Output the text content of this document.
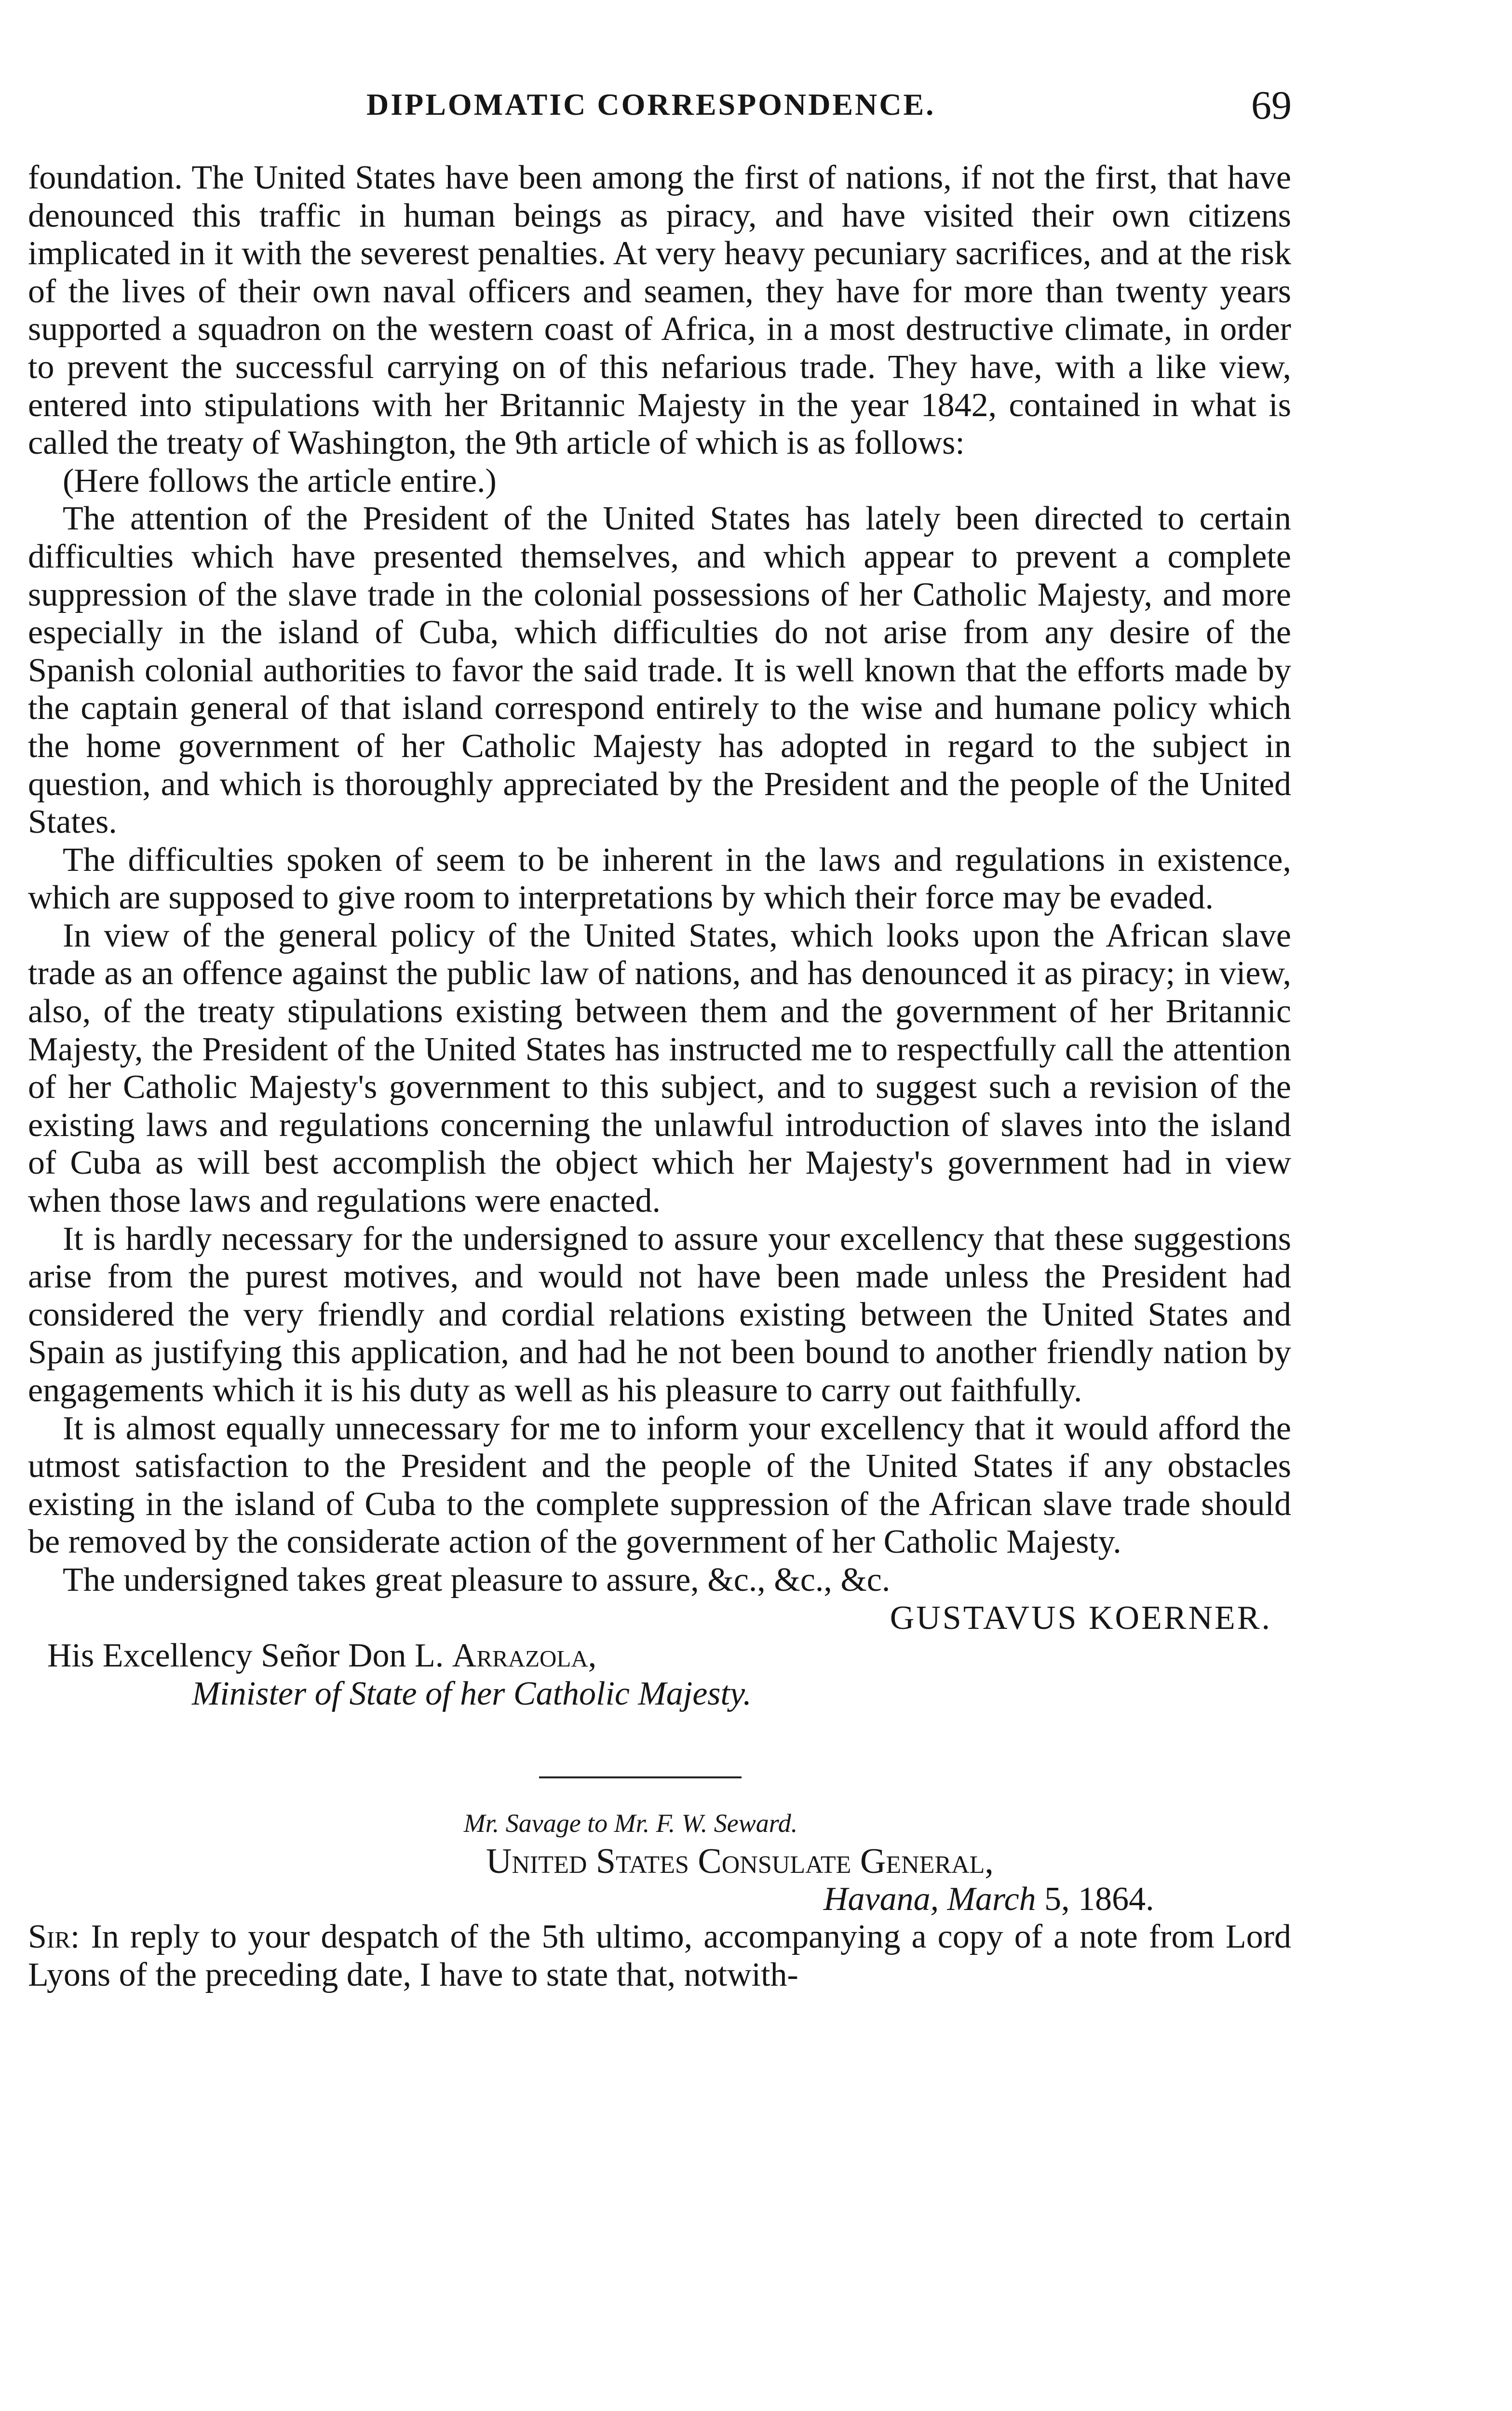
DIPLOMATIC CORRESPONDENCE.	69

foundation. The United States have been among the first of nations, if not the first, that have denounced this traffic in human beings as piracy, and have visited their own citizens implicated in it with the severest penalties. At very heavy pecuniary sacrifices, and at the risk of the lives of their own naval officers and seamen, they have for more than twenty years supported a squadron on the western coast of Africa, in a most destructive climate, in order to prevent the successful carrying on of this nefarious trade. They have, with a like view, entered into stipulations with her Britannic Majesty in the year 1842, contained in what is called the treaty of Washington, the 9th article of which is as follows:

(Here follows the article entire.)

The attention of the President of the United States has lately been directed to certain difficulties which have presented themselves, and which appear to prevent a complete suppression of the slave trade in the colonial possessions of her Catholic Majesty, and more especially in the island of Cuba, which difficulties do not arise from any desire of the Spanish colonial authorities to favor the said trade. It is well known that the efforts made by the captain general of that island correspond entirely to the wise and humane policy which the home government of her Catholic Majesty has adopted in regard to the subject in question, and which is thoroughly appreciated by the President and the people of the United States.

The difficulties spoken of seem to be inherent in the laws and regulations in existence, which are supposed to give room to interpretations by which their force may be evaded.

In view of the general policy of the United States, which looks upon the African slave trade as an offence against the public law of nations, and has denounced it as piracy; in view, also, of the treaty stipulations existing between them and the government of her Britannic Majesty, the President of the United States has instructed me to respectfully call the attention of her Catholic Majesty's government to this subject, and to suggest such a revision of the existing laws and regulations concerning the unlawful introduction of slaves into the island of Cuba as will best accomplish the object which her Majesty's government had in view when those laws and regulations were enacted.

It is hardly necessary for the undersigned to assure your excellency that these suggestions arise from the purest motives, and would not have been made unless the President had considered the very friendly and cordial relations existing between the United States and Spain as justifying this application, and had he not been bound to another friendly nation by engagements which it is his duty as well as his pleasure to carry out faithfully.

It is almost equally unnecessary for me to inform your excellency that it would afford the utmost satisfaction to the President and the people of the United States if any obstacles existing in the island of Cuba to the complete suppression of the African slave trade should be removed by the considerate action of the government of her Catholic Majesty.

The undersigned takes great pleasure to assure, &c., &c., &c.

GUSTAVUS KOERNER.

His Excellency Señor Don L. Arrazola,

Minister of State of her Catholic Majesty.

Mr. Savage to Mr. F. W. Seward.

United States Consulate General,

Havana, March 5, 1864.

Sir: In reply to your despatch of the 5th ultimo, accompanying a copy of a note from Lord Lyons of the preceding date, I have to state that, notwith-
